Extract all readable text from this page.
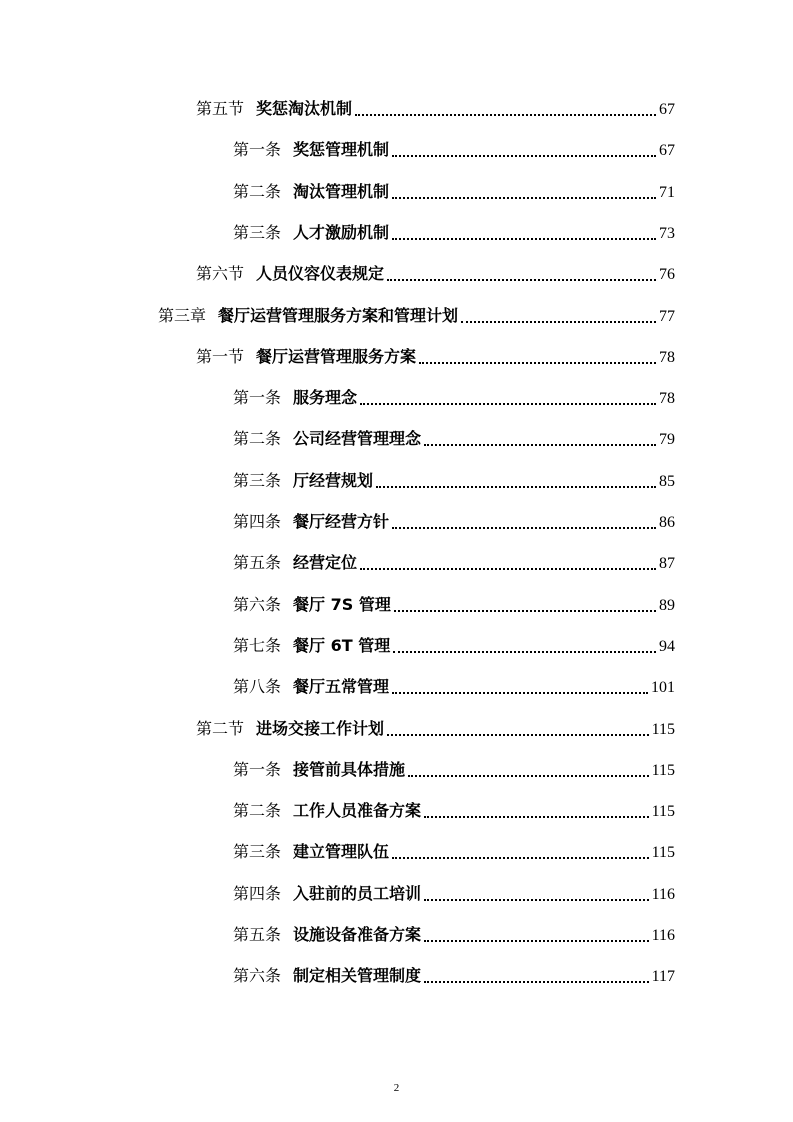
第五节 奖惩淘汰机制	67
第一条 奖惩管理机制	67
第二条 淘汰管理机制	71
第三条 人才激励机制	73
第六节 人员仪容仪表规定	76
第三章 餐厅运营管理服务方案和管理计划	77
第一节 餐厅运营管理服务方案	78
第一条 服务理念	78
第二条 公司经营管理理念	79
第三条 厅经营规划	85
第四条 餐厅经营方针	86
第五条 经营定位	87
第六条 餐厅 7S 管理	89
第七条 餐厅 6T 管理	94
第八条 餐厅五常管理	101
第二节 进场交接工作计划	115
第一条 接管前具体措施	115
第二条 工作人员准备方案	115
第三条 建立管理队伍	115
第四条 入驻前的员工培训	116
第五条 设施设备准备方案	116
第六条 制定相关管理制度	117
2
